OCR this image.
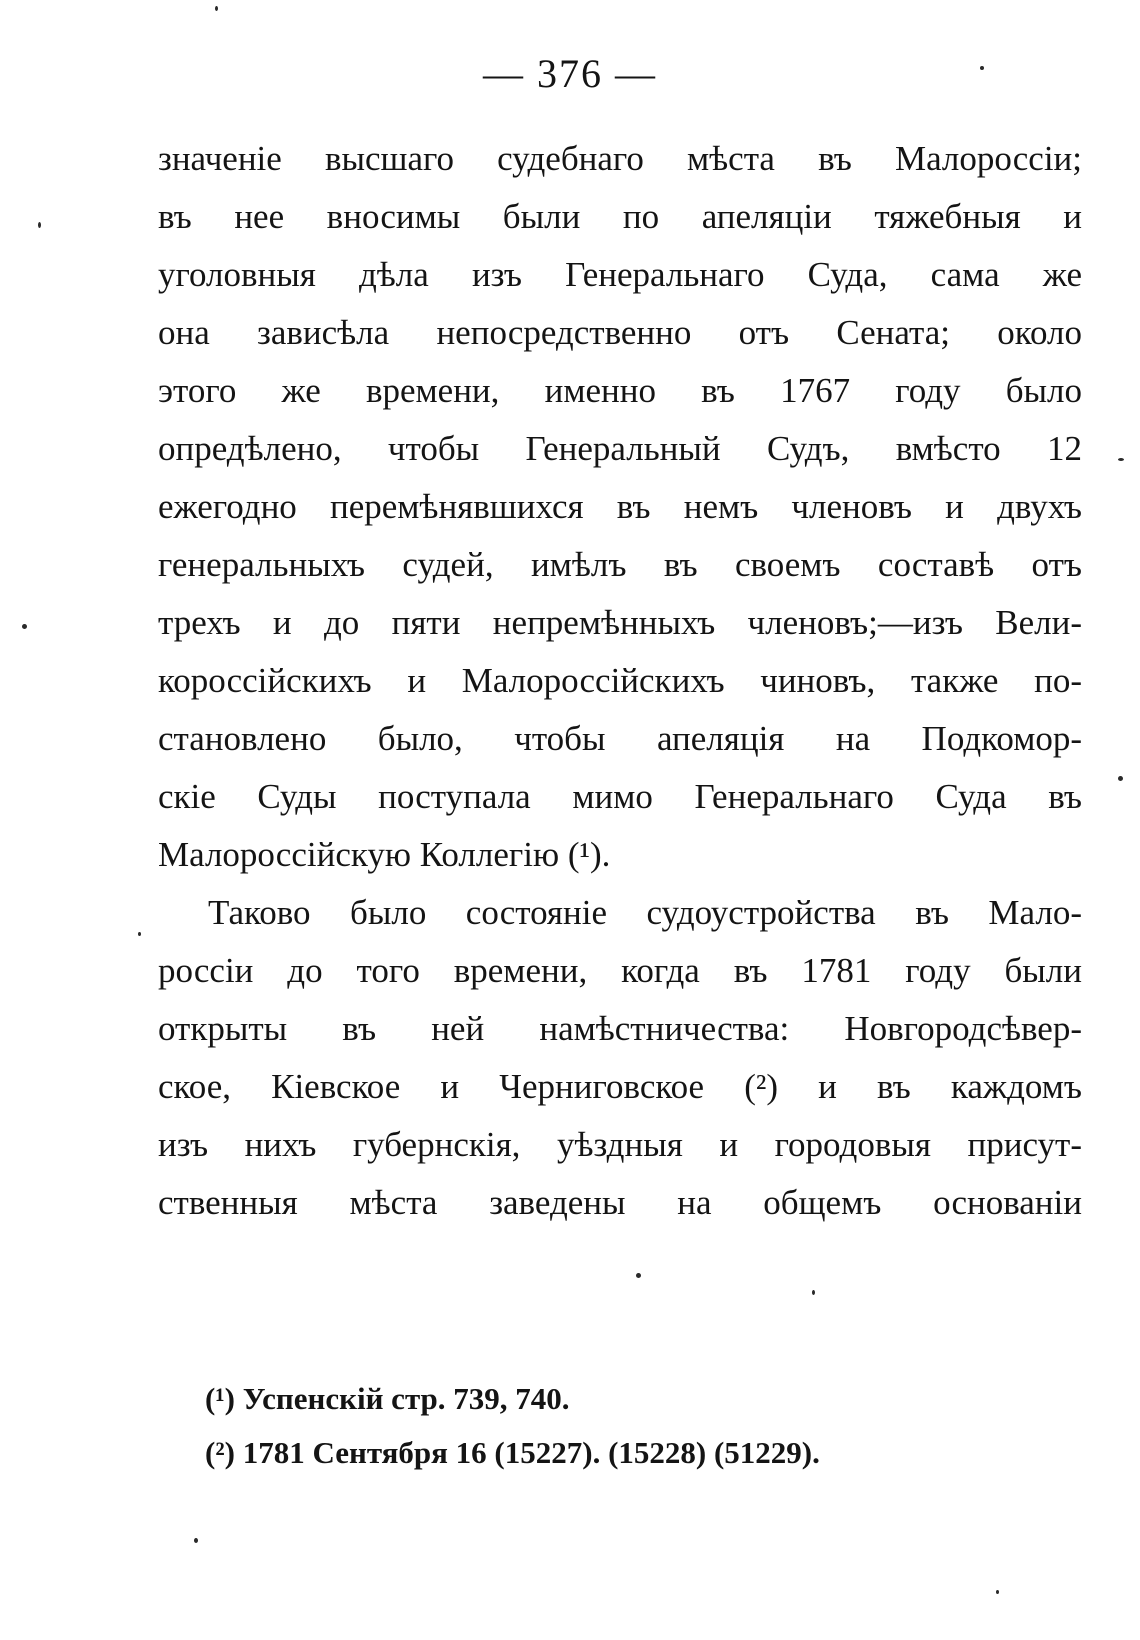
— 376 —
значеніе высшаго судебнаго мѣста въ Малороссіи;
въ нее вносимы были по апеляціи тяжебныя и
уголовныя дѣла изъ Генеральнаго Суда, сама же
она зависѣла непосредственно отъ Сената; около
этого же времени, именно въ 1767 году было
опредѣлено, чтобы Генеральный Судъ, вмѣсто 12
ежегодно перемѣнявшихся въ немъ членовъ и двухъ
генеральныхъ судей, имѣлъ въ своемъ составѣ отъ
трехъ и до пяти непремѣнныхъ членовъ;—изъ Вели-
короссійскихъ и Малороссійскихъ чиновъ, также по-
становлено было, чтобы апеляція на Подкомор-
скіе Суды поступала мимо Генеральнаго Суда въ
Малороссійскую Коллегію (¹).
Таково было состояніе судоустройства въ Мало-
россіи до того времени, когда въ 1781 году были
открыты въ ней намѣстничества: Новгородсѣвер-
ское, Кіевское и Черниговское (²) и въ каждомъ
изъ нихъ губернскія, уѣздныя и городовыя присут-
ственныя мѣста заведены на общемъ основаніи
(¹) Успенскій стр. 739, 740.
(²) 1781 Сентября 16 (15227). (15228) (51229).
